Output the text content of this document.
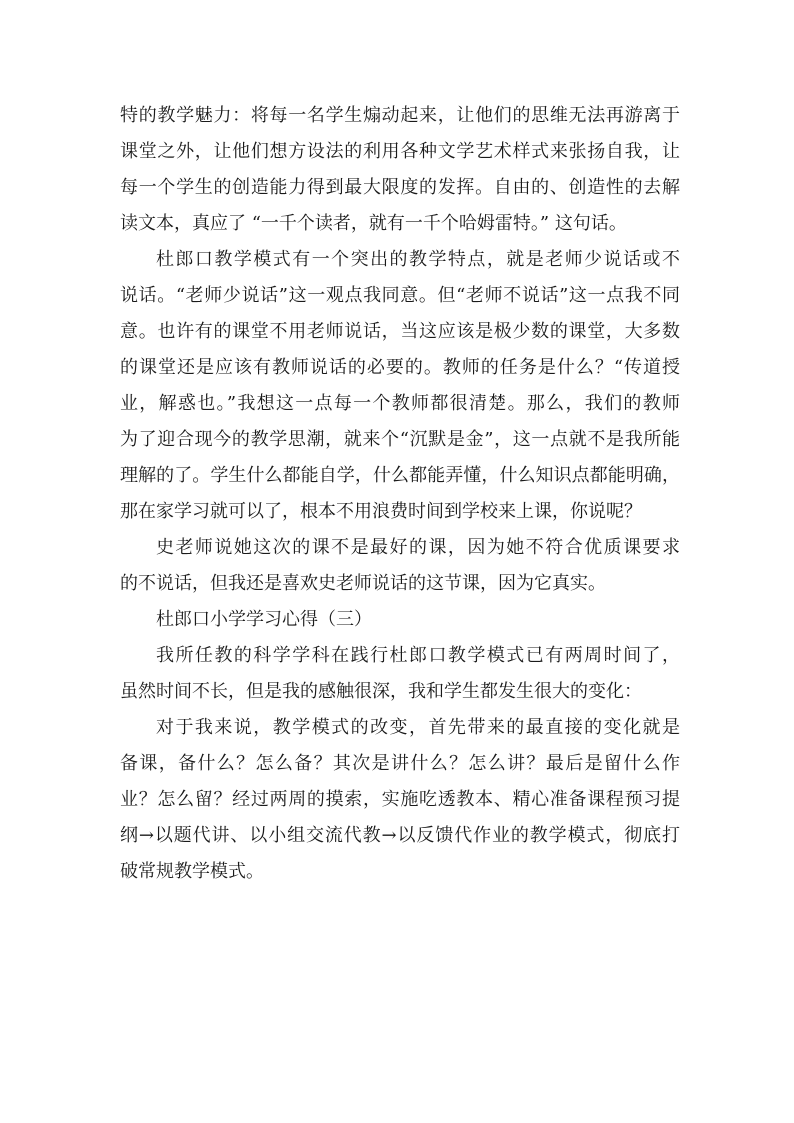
特的教学魅力：将每一名学生煽动起来，让他们的思维无法再游离于

课堂之外，让他们想方设法的利用各种文学艺术样式来张扬自我，让

每一个学生的创造能力得到最大限度的发挥。自由的、创造性的去解

读文本，真应了 “一千个读者，就有一千个哈姆雷特。” 这句话。

杜郎口教学模式有一个突出的教学特点，就是老师少说话或不

说话。“老师少说话”这一观点我同意。但“老师不说话”这一点我不同

意。也许有的课堂不用老师说话，当这应该是极少数的课堂，大多数

的课堂还是应该有教师说话的必要的。教师的任务是什么？“传道授

业，解惑也。”我想这一点每一个教师都很清楚。那么，我们的教师

为了迎合现今的教学思潮，就来个“沉默是金”，这一点就不是我所能

理解的了。学生什么都能自学，什么都能弄懂，什么知识点都能明确，

那在家学习就可以了，根本不用浪费时间到学校来上课，你说呢？

史老师说她这次的课不是最好的课，因为她不符合优质课要求

的不说话，但我还是喜欢史老师说话的这节课，因为它真实。

杜郎口小学学习心得（三）

我所任教的科学学科在践行杜郎口教学模式已有两周时间了，

虽然时间不长，但是我的感触很深，我和学生都发生很大的变化：

对于我来说，教学模式的改变，首先带来的最直接的变化就是

备课，备什么？怎么备？其次是讲什么？怎么讲？最后是留什么作

业？怎么留？经过两周的摸索，实施吃透教本、精心准备课程预习提

纲→以题代讲、以小组交流代教→以反馈代作业的教学模式，彻底打

破常规教学模式。
